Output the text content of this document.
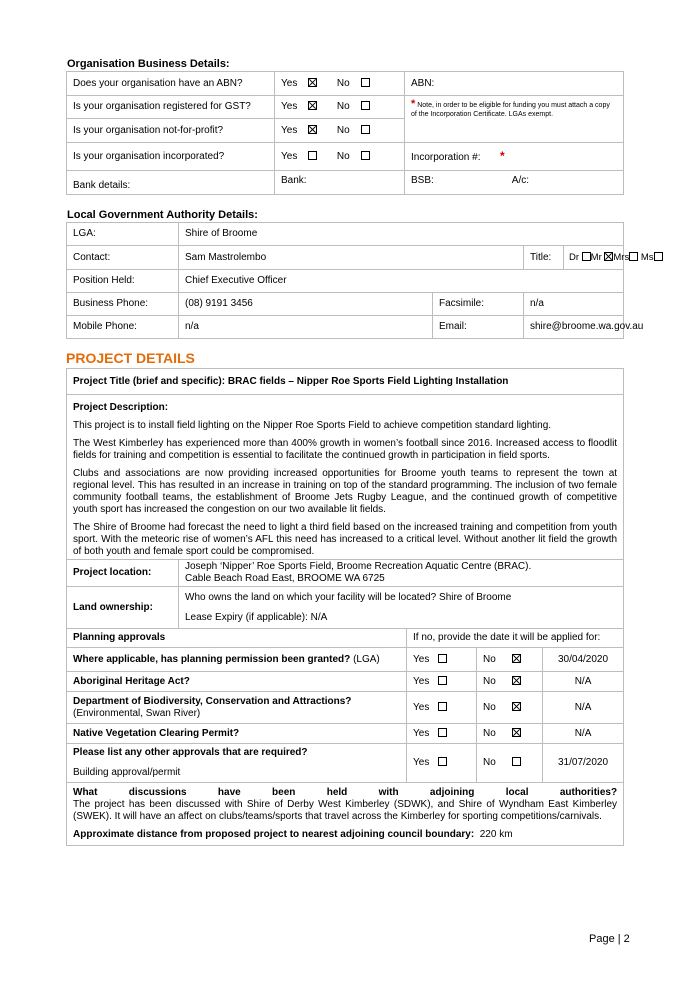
Organisation Business Details:
Does your organisation have an ABN?	Yes No	ABN:
Is your organisation registered for GST?	Yes No	* Note, in order to be eligible for funding you must attach a copy of the Incorporation Certificate. LGAs exempt.
Is your organisation not-for-profit?	Yes No	
Is your organisation incorporated?	Yes No	Incorporation #: *
Bank details:	Bank:	BSB: A/c:
Local Government Authority Details:
LGA:	Shire of Broome			
Contact:	Sam Mastrolembo		Title:	Dr Mr Mrs Ms
Position Held:	Chief Executive Officer			
Business Phone:	(08) 9191 3456	Facsimile:	n/a	
Mobile Phone:	n/a	Email:	shire@broome.wa.gov.au	
PROJECT DETAILS
Project Title (brief and specific): BRAC fields – Nipper Roe Sports Field Lighting Installation				

Project Description:

This project is to install field lighting on the Nipper Roe Sports Field to achieve competition standard lighting.

The West Kimberley has experienced more than 400% growth in women’s football since 2016. Increased access to floodlit fields for training and competition is essential to facilitate the continued growth in participation in field sports.

Clubs and associations are now providing increased opportunities for Broome youth teams to represent the town at regional level. This has resulted in an increase in training on top of the standard programming. The inclusion of two female community football teams, the establishment of Broome Jets Rugby League, and the continued growth of competitive youth sport has increased the congestion on our two available lit fields.

The Shire of Broome had forecast the need to light a third field based on the increased training and competition from youth sport. With the meteoric rise of women’s AFL this need has increased to a critical level. Without another lit field the growth of both youth and female sport could be compromised.				

Project location:	Joseph ‘Nipper’ Roe Sports Field, Broome Recreation Aquatic Centre (BRAC).
Cable Beach Road East, BROOME WA 6725			

Land ownership:	Who owns the land on which your facility will be located? Shire of Broome
Lease Expiry (if applicable): N/A			

Planning approvals		If no, provide the date it will be applied for:		
Where applicable, has planning permission been granted? (LGA)		Yes	No	30/04/2020
Aboriginal Heritage Act?		Yes	No	N/A

Department of Biodiversity, Conservation and Attractions?
(Environmental, Swan River)		Yes	No	N/A
Native Vegetation Clearing Permit?		Yes	No	N/A

Please list any other approvals that are required?
Building approval/permit		Yes	No	31/07/2020

What discussions have been held with adjoining local authorities?
The project has been discussed with Shire of Derby West Kimberley (SDWK), and Shire of Wyndham East Kimberley (SWEK). It will have an affect on clubs/teams/sports that travel across the Kimberley for sporting competitions/carnivals.
Approximate distance from proposed project to nearest adjoining council boundary: 220 km				
Page | 2
